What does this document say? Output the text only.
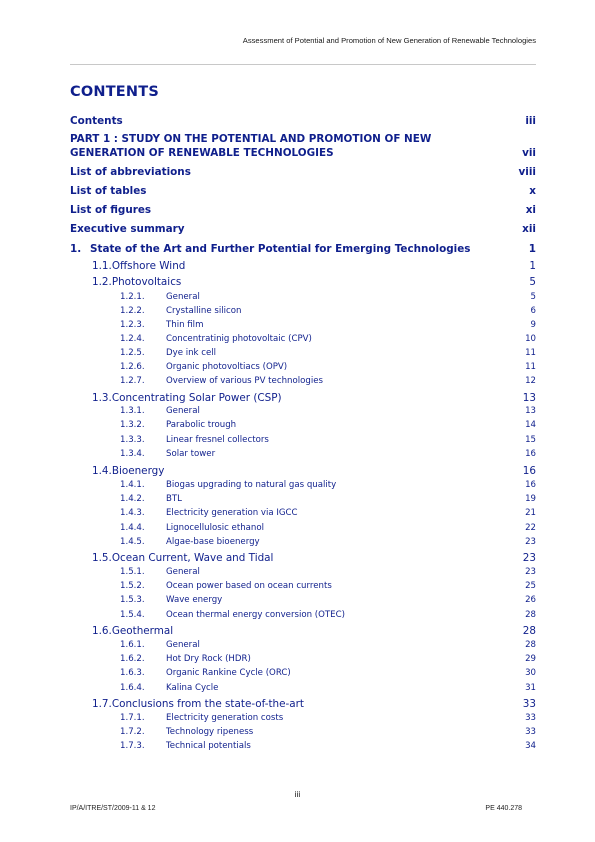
Assessment of Potential and Promotion of New Generation of Renewable Technologies
CONTENTS
Contents	iii
PART 1 : STUDY ON THE POTENTIAL AND PROMOTION OF NEW
GENERATION OF RENEWABLE TECHNOLOGIES	vii
List of abbreviations	viii
List of tables	x
List of figures	xi
Executive summary	xii
1. State of the Art and Further Potential for Emerging Technologies	1
1.1.Offshore Wind	1
1.2.Photovoltaics	5
1.2.1. General	5
1.2.2. Crystalline silicon	6
1.2.3. Thin film	9
1.2.4. Concentratinig photovoltaic (CPV)	10
1.2.5. Dye ink cell	11
1.2.6. Organic photovoltiacs (OPV)	11
1.2.7. Overview of various PV technologies	12
1.3.Concentrating Solar Power (CSP)	13
1.3.1. General	13
1.3.2. Parabolic trough	14
1.3.3. Linear fresnel collectors	15
1.3.4. Solar tower	16
1.4.Bioenergy	16
1.4.1. Biogas upgrading to natural gas quality	16
1.4.2. BTL	19
1.4.3. Electricity generation via IGCC	21
1.4.4. Lignocellulosic ethanol	22
1.4.5. Algae-base bioenergy	23
1.5.Ocean Current, Wave and Tidal	23
1.5.1. General	23
1.5.2. Ocean power based on ocean currents	25
1.5.3. Wave energy	26
1.5.4. Ocean thermal energy conversion (OTEC)	28
1.6.Geothermal	28
1.6.1. General	28
1.6.2. Hot Dry Rock (HDR)	29
1.6.3. Organic Rankine Cycle (ORC)	30
1.6.4. Kalina Cycle	31
1.7.Conclusions from the state-of-the-art	33
1.7.1. Electricity generation costs	33
1.7.2. Technology ripeness	33
1.7.3. Technical potentials	34
iii
IP/A/ITRE/ST/2009-11 & 12	PE 440.278
